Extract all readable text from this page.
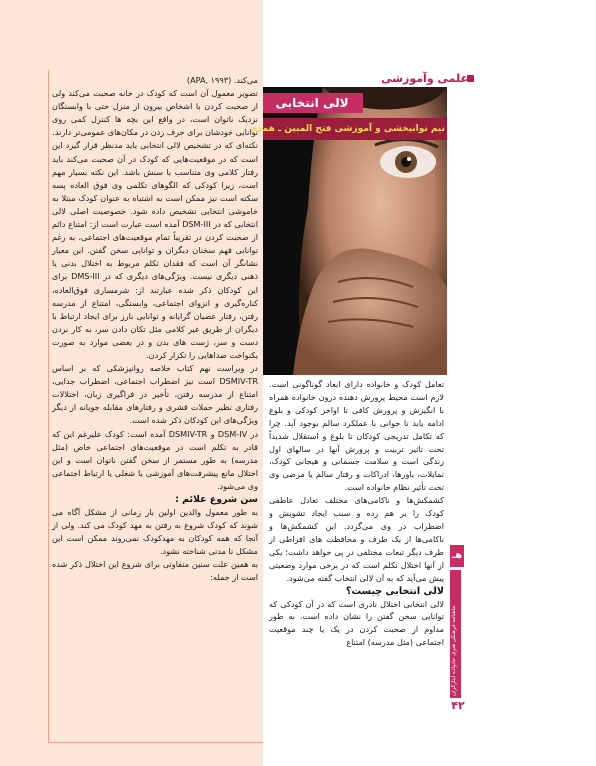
علمی وآموزشی
لالی انتخابی
تیم توانبخشی و آموزشی فتح المبین ـ همدم

تعامل کودک و خانواده دارای ابعاد گوناگونی است. لازم است محیط پرورش دهنده درون خانواده همراه با انگیزش و پرورش کافی تا اواخر کودکی و بلوغ ادامه یابد تا جوانی با عملکرد سالم بوجود آید. چرا که تکامل تدریجی کودکان تا بلوغ و استقلال شدیداً تحت تاثیر تربیت و پرورش آنها در سالهای اول زندگی است و سلامت جسمانی و هیجانی کودک، تمایلات، باورها، ادراکات و رفتار سالم یا مرضی وی تحت تأثیر نظام خانواده است.

کشمکش‌ها و ناکامی‌های مختلف تعادل عاطفی کودک را بر هم زده و سبب ایجاد تشویش و اضطراب در وی می‌گردد. این کشمکش‌ها و ناکامی‌ها از یک طرف و محافظت های افراطی از طرف دیگر تبعات مختلفی در پی خواهد داشت؛ یکی از آنها اختلال تکلم است که در برخی موارد وضعیتی پیش می‌آید که به آن لالی انتخاب گفته می‌شود.

لالی انتخابی چیست؟

لالی انتخابی اختلال نادری است که در آن کودکی که توانایی سخن گفتن را نشان داده است. به طور مداوم از صحبت کردن در یک یا چند موقعیت اجتماعی (مثل مدرسه) امتناع

می‌کند. (APA, ۱۹۹۳)

تصویر معمول آن است که کودک در خانه صحبت می‌کند ولی از صحبت کردن با اشخاص بیرون از منزل حتی با وابستگان نزدیک ناتوان است، در واقع این بچه ها کنترل کمی روی توانایی خودشان برای حرف زدن در مکان‌های عمومی‌تر دارند.

نکته‌ای که در تشخیص لالی انتخابی باید مدنظر قرار گیرد این است که در موقعیت‌هایی که کودک در آن صحبت می‌کند باید رفتار کلامی وی متناسب با سنش باشد. این نکته بسیار مهم است، زیرا کودکی که الگوهای تکلمی وی فوق العاده پسه سکته است نیز ممکن است به اشتباه به عنوان کودک مبتلا به خاموشی انتخابی تشخیص داده شود. خصوصیت اصلی لالی انتخابی که در DSM-III آمده است عبارت است از: امتناع دائم از صحبت کردن در تقریباً تمام موقعیت‌های اجتماعی، به رغم توانایی فهم سخنان دیگران و توانایی سخن گفتن. این معیار نشانگر آن است که فقدان تکلم مربوط به اختلال بدنی یا ذهنی دیگری نیست. ویژگی‌های دیگری که در DMS-III برای این کودکان ذکر شده عبارتند از: شرمساری فوق‌العاده، کناره‌گیری و انزوای اجتماعی، وابستگی، امتناع از مدرسه رفتن، رفتار عصیان گرایانه و توانایی بارز برای ایجاد ارتباط با دیگران از طریق غیر کلامی مثل تکان دادن سر، به کار بردن دست و سر، ژست های بدن و در بعضی موارد به صورت یکنواخت صداهایی را تکرار کردن.

در ویراست نهم کتاب خلاصه روانپزشکی که بر اساس DSMIV-TR است نیز اضطراب اجتماعی، اضطراب جدایی، امتناع از مدرسه رفتن، تأخیر در فراگیری زبان، اختلالات رفتاری نظیر حملات قشری و رفتارهای مقابله جویانه از دیگر ویژگی‌های این کودکان ذکر شده است.

در DSM-IV و DSMIV-TR آمده است: کودک علیرغم این که قادر به تکلم است در موقعیت‌های اجتماعی خاص (مثل مدرسه) به طور مستمر از سخن گفتن ناتوان است و این اختلال مانع پیشرفت‌های آموزشی یا شغلی یا ارتباط اجتماعی وی می‌شود.

سن شروع علائم :

به طور معمول والدین اولین بار زمانی از مشکل آگاه می شوند که کودک شروع به رفتن به مهد کودک می کند. ولی از آنجا که همه کودکان به مهدکودک نمی‌روند ممکن است این مشکل تا مدتی شناخته نشود.

به همین علت سنین متفاوتی برای شروع این اختلال ذکر شده است از جمله:

هـ
ماهنامه فرهنگی هنری خانواده ایثارگران
۴۲
